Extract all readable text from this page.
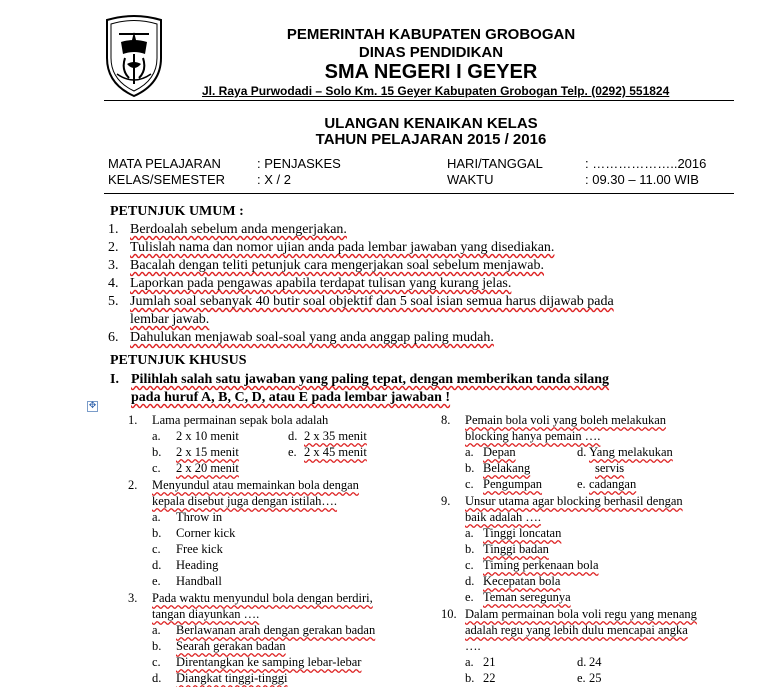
PEMERINTAH KABUPATEN GROBOGAN
DINAS PENDIDIKAN
SMA NEGERI I GEYER
Jl. Raya Purwodadi – Solo Km. 15 Geyer Kabupaten Grobogan Telp. (0292) 551824
ULANGAN KENAIKAN KELAS
TAHUN PELAJARAN 2015 / 2016
MATA PELAJARAN	: PENJASKES
KELAS/SEMESTER : X / 2
HARI/TANGGAL	: ………………..2016
WAKTU	: 09.30 – 11.00 WIB
PETUNJUK UMUM :
1. Berdoalah sebelum anda mengerjakan.
2. Tulislah nama dan nomor ujian anda pada lembar jawaban yang disediakan.
3. Bacalah dengan teliti petunjuk cara mengerjakan soal sebelum menjawab.
4. Laporkan pada pengawas apabila terdapat tulisan yang kurang jelas.
5. Jumlah soal sebanyak 40 butir soal objektif dan 5 soal isian semua harus dijawab pada
lembar jawab.
6. Dahulukan menjawab soal-soal yang anda anggap paling mudah.
PETUNJUK KHUSUS
I. Pilihlah salah satu jawaban yang paling tepat, dengan memberikan tanda silang
pada huruf A, B, C, D, atau E pada lembar jawaban !
✥
1. Lama permainan sepak bola adalah
a. 2 x 10 menit	d. 2 x 35 menit
b. 2 x 15 menit	e. 2 x 45 menit
c. 2 x 20 menit
2. Menyundul atau memainkan bola dengan
kepala disebut juga dengan istilah….
a. Throw in
b. Corner kick
c. Free kick
d. Heading
e. Handball
3. Pada waktu menyundul bola dengan berdiri,
tangan diayunkan ….
a. Berlawanan arah dengan gerakan badan
b. Searah gerakan badan
c. Direntangkan ke samping lebar-lebar
d. Diangkat tinggi-tinggi
8. Pemain bola voli yang boleh melakukan
blocking hanya pemain ….
a. Depan	d. Yang melakukan
b. Belakang	servis
c. Pengumpan	e. cadangan
9. Unsur utama agar blocking berhasil dengan
baik adalah ….
a. Tinggi loncatan
b. Tinggi badan
c. Timing perkenaan bola
d. Kecepatan bola
e. Teman seregunya
10. Dalam permainan bola voli regu yang menang
adalah regu yang lebih dulu mencapai angka
….
a. 21	d. 24
b. 22	e. 25
